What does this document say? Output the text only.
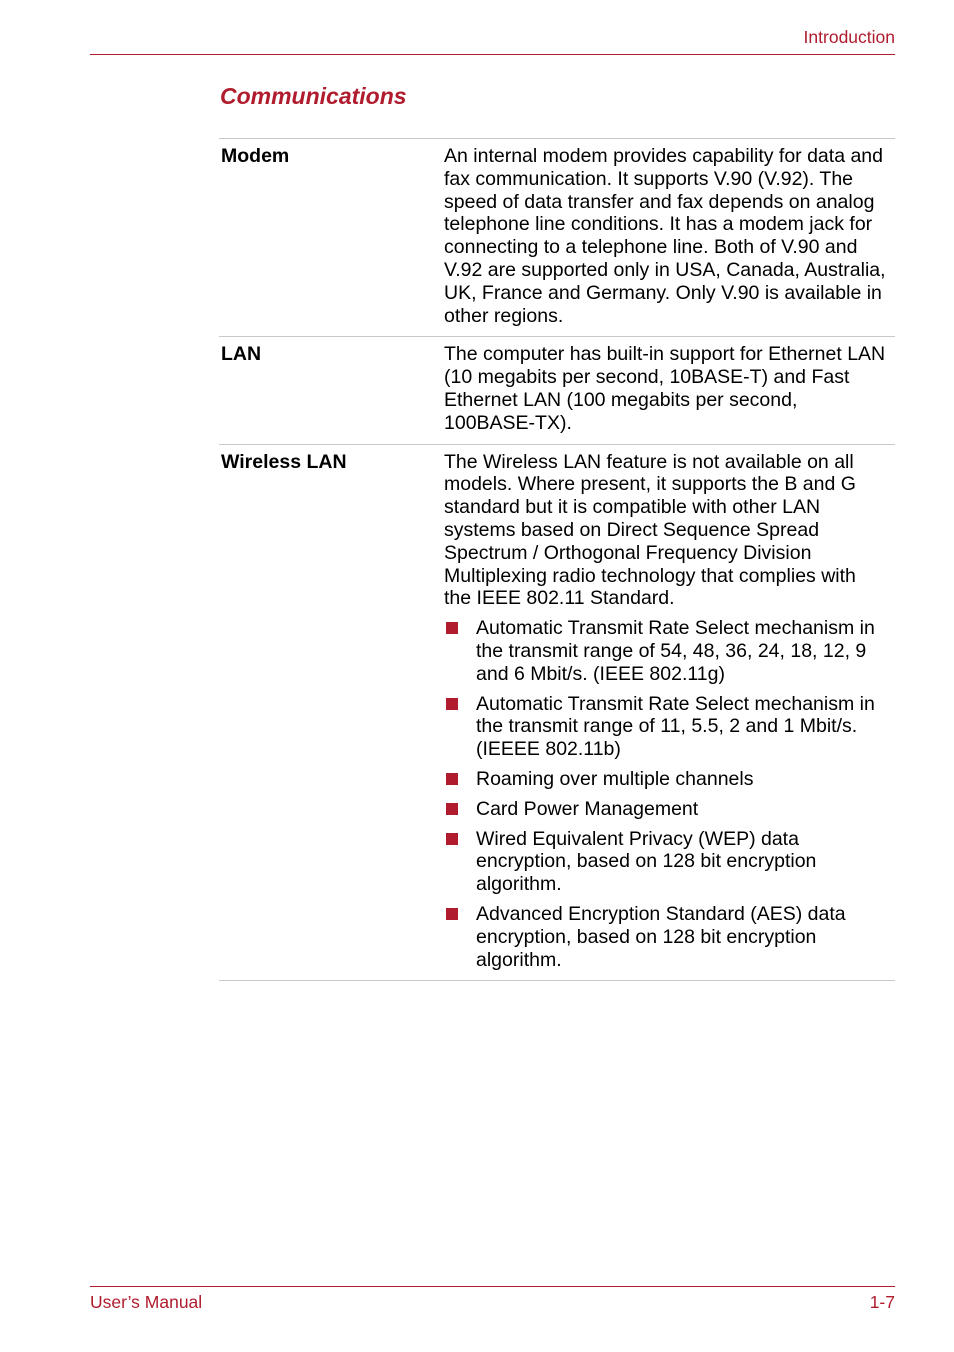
Introduction
Communications
Modem	An internal modem provides capability for data and fax communication. It supports V.90 (V.92). The speed of data transfer and fax depends on analog telephone line conditions. It has a modem jack for connecting to a telephone line. Both of V.90 and V.92 are supported only in USA, Canada, Australia, UK, France and Germany. Only V.90 is available in other regions.
LAN	The computer has built-in support for Ethernet LAN (10 megabits per second, 10BASE-T) and Fast Ethernet LAN (100 megabits per second, 100BASE-TX).
Wireless LAN	The Wireless LAN feature is not available on all models. Where present, it supports the B and G standard but it is compatible with other LAN systems based on Direct Sequence Spread Spectrum / Orthogonal Frequency Division Multiplexing radio technology that complies with the IEEE 802.11 Standard.
Automatic Transmit Rate Select mechanism in the transmit range of 54, 48, 36, 24, 18, 12, 9 and 6 Mbit/s. (IEEE 802.11g)
Automatic Transmit Rate Select mechanism in the transmit range of 11, 5.5, 2 and 1 Mbit/s. (IEEEE 802.11b)
Roaming over multiple channels
Card Power Management
Wired Equivalent Privacy (WEP) data encryption, based on 128 bit encryption algorithm.
Advanced Encryption Standard (AES) data encryption, based on 128 bit encryption algorithm.
User’s Manual	1-7
